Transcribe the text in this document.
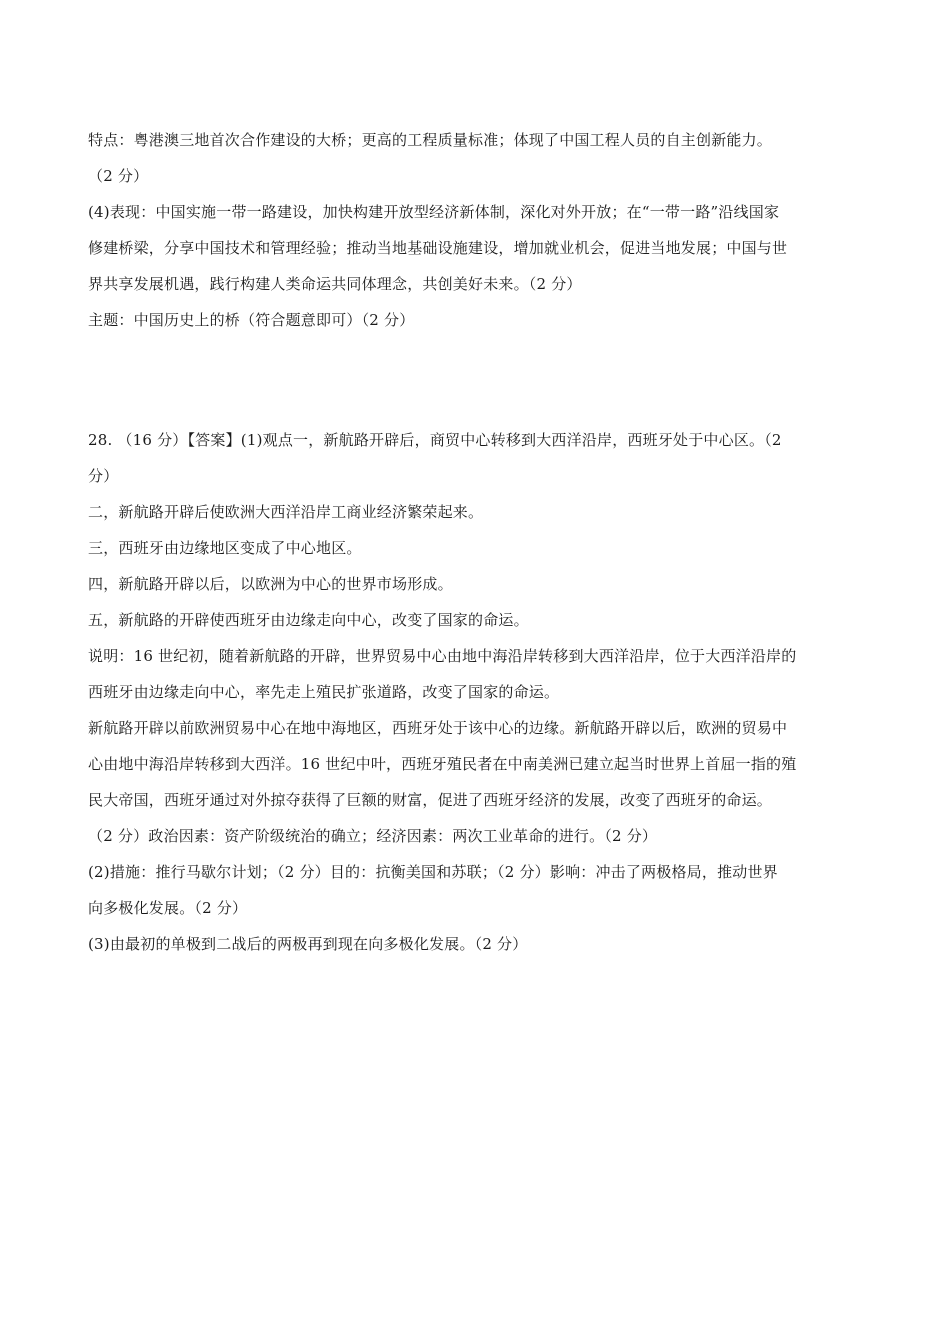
特点：粤港澳三地首次合作建设的大桥；更高的工程质量标准；体现了中国工程人员的自主创新能力。
（2 分）
(4)表现：中国实施一带一路建设，加快构建开放型经济新体制，深化对外开放；在“一带一路”沿线国家
修建桥梁，分享中国技术和管理经验；推动当地基础设施建设，增加就业机会，促进当地发展；中国与世
界共享发展机遇，践行构建人类命运共同体理念，共创美好未来。（2 分）
主题：中国历史上的桥（符合题意即可）（2 分）
28. （16 分）【答案】(1)观点一，新航路开辟后，商贸中心转移到大西洋沿岸，西班牙处于中心区。（2
分）
二，新航路开辟后使欧洲大西洋沿岸工商业经济繁荣起来。
三，西班牙由边缘地区变成了中心地区。
四，新航路开辟以后，以欧洲为中心的世界市场形成。
五，新航路的开辟使西班牙由边缘走向中心，改变了国家的命运。
说明：16 世纪初，随着新航路的开辟，世界贸易中心由地中海沿岸转移到大西洋沿岸，位于大西洋沿岸的
西班牙由边缘走向中心，率先走上殖民扩张道路，改变了国家的命运。
新航路开辟以前欧洲贸易中心在地中海地区，西班牙处于该中心的边缘。新航路开辟以后，欧洲的贸易中
心由地中海沿岸转移到大西洋。16 世纪中叶，西班牙殖民者在中南美洲已建立起当时世界上首屈一指的殖
民大帝国，西班牙通过对外掠夺获得了巨额的财富，促进了西班牙经济的发展，改变了西班牙的命运。
（2 分）政治因素：资产阶级统治的确立；经济因素：两次工业革命的进行。（2 分）
(2)措施：推行马歇尔计划；（2 分）目的：抗衡美国和苏联；（2 分）影响：冲击了两极格局，推动世界
向多极化发展。（2 分）
(3)由最初的单极到二战后的两极再到现在向多极化发展。（2 分）
